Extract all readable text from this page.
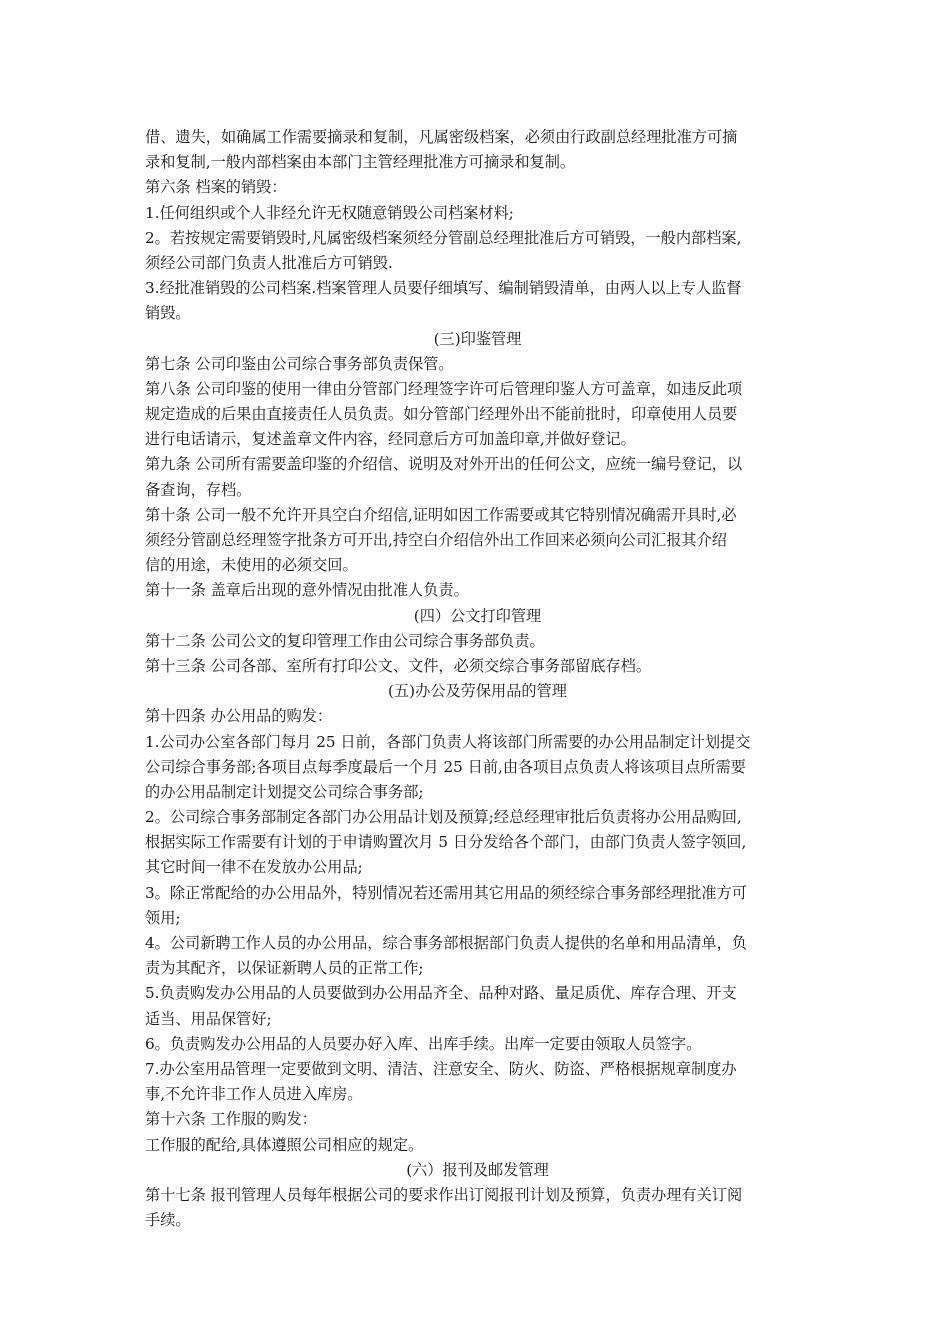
借、遗失，如确属工作需要摘录和复制，凡属密级档案，必须由行政副总经理批准方可摘
录和复制,一般内部档案由本部门主管经理批准方可摘录和复制。
第六条 档案的销毁：
1.任何组织或个人非经允许无权随意销毁公司档案材料;
2。若按规定需要销毁时,凡属密级档案须经分管副总经理批准后方可销毁，一般内部档案,
须经公司部门负责人批准后方可销毁.
3.经批准销毁的公司档案.档案管理人员要仔细填写、编制销毁清单，由两人以上专人监督
销毁。
(三)印鉴管理
第七条 公司印鉴由公司综合事务部负责保管。
第八条 公司印鉴的使用一律由分管部门经理签字许可后管理印鉴人方可盖章，如违反此项
规定造成的后果由直接责任人员负责。如分管部门经理外出不能前批时，印章使用人员要
进行电话请示，复述盖章文件内容，经同意后方可加盖印章,并做好登记。
第九条 公司所有需要盖印鉴的介绍信、说明及对外开出的任何公文，应统一编号登记，以
备查询，存档。
第十条 公司一般不允许开具空白介绍信,证明如因工作需要或其它特别情况确需开具时,必
须经分管副总经理签字批条方可开出,持空白介绍信外出工作回来必须向公司汇报其介绍
信的用途，未使用的必须交回。
第十一条 盖章后出现的意外情况由批准人负责。
(四）公文打印管理
第十二条 公司公文的复印管理工作由公司综合事务部负责。
第十三条 公司各部、室所有打印公文、文件，必须交综合事务部留底存档。
(五)办公及劳保用品的管理
第十四条 办公用品的购发：
1.公司办公室各部门每月 25 日前，各部门负责人将该部门所需要的办公用品制定计划提交
公司综合事务部;各项目点每季度最后一个月 25 日前,由各项目点负责人将该项目点所需要
的办公用品制定计划提交公司综合事务部;
2。公司综合事务部制定各部门办公用品计划及预算;经总经理审批后负责将办公用品购回,
根据实际工作需要有计划的于申请购置次月 5 日分发给各个部门，由部门负责人签字领回,
其它时间一律不在发放办公用品;
3。除正常配给的办公用品外，特别情况若还需用其它用品的须经综合事务部经理批准方可
领用;
4。公司新聘工作人员的办公用品，综合事务部根据部门负责人提供的名单和用品清单，负
责为其配齐，以保证新聘人员的正常工作;
5.负责购发办公用品的人员要做到办公用品齐全、品种对路、量足质优、库存合理、开支
适当、用品保管好;
6。负责购发办公用品的人员要办好入库、出库手续。出库一定要由领取人员签字。
7.办公室用品管理一定要做到文明、清洁、注意安全、防火、防盗、严格根据规章制度办
事,不允许非工作人员进入库房。
第十六条 工作服的购发：
工作服的配给,具体遵照公司相应的规定。
(六）报刊及邮发管理
第十七条 报刊管理人员每年根据公司的要求作出订阅报刊计划及预算，负责办理有关订阅
手续。
